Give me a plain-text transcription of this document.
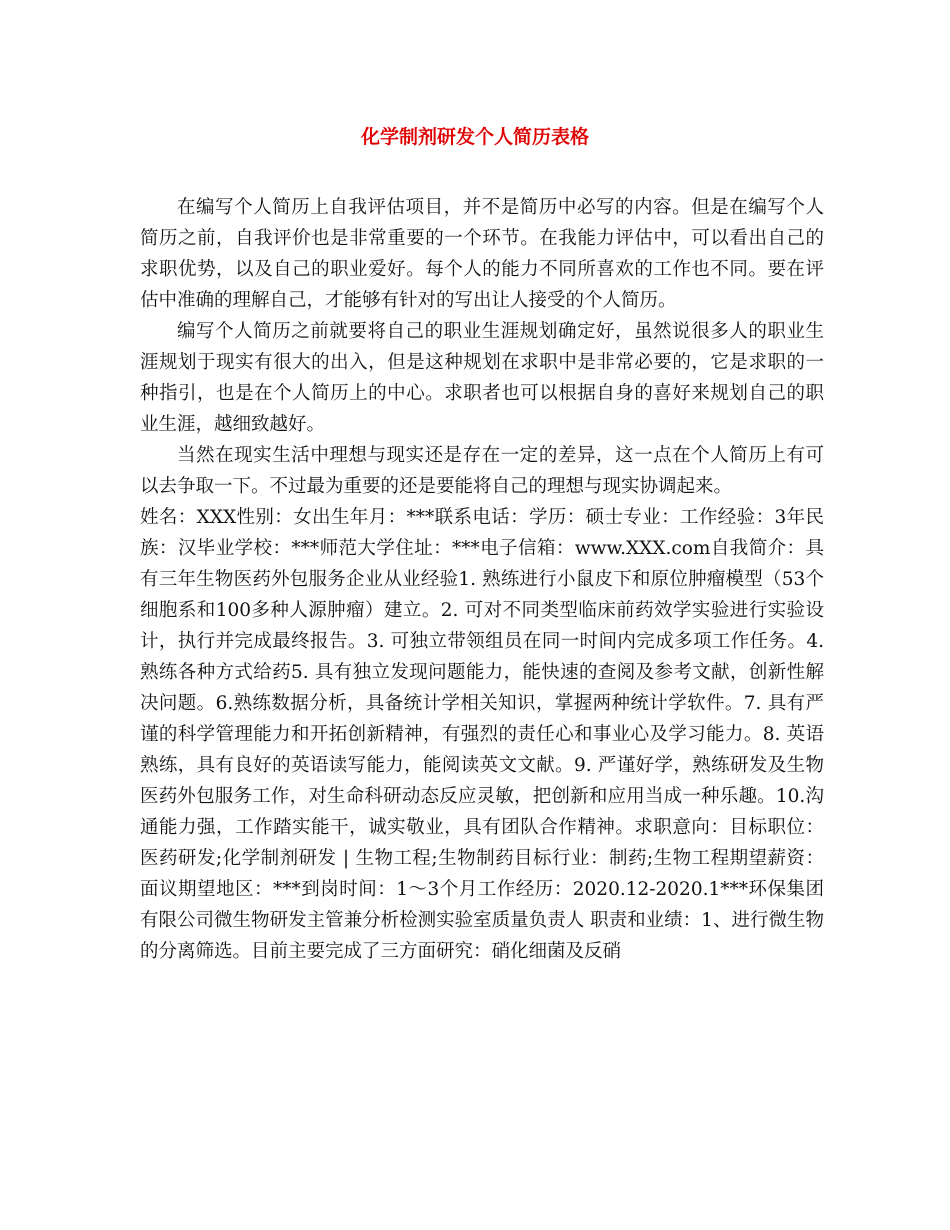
化学制剂研发个人简历表格

在编写个人简历上自我评估项目，并不是简历中必写的内容。但是在编写个人简历之前，自我评价也是非常重要的一个环节。在我能力评估中，可以看出自己的求职优势，以及自己的职业爱好。每个人的能力不同所喜欢的工作也不同。要在评估中准确的理解自己，才能够有针对的写出让人接受的个人简历。

编写个人简历之前就要将自己的职业生涯规划确定好，虽然说很多人的职业生涯规划于现实有很大的出入，但是这种规划在求职中是非常必要的，它是求职的一种指引，也是在个人简历上的中心。求职者也可以根据自身的喜好来规划自己的职业生涯，越细致越好。

当然在现实生活中理想与现实还是存在一定的差异，这一点在个人简历上有可以去争取一下。不过最为重要的还是要能将自己的理想与现实协调起来。

姓名：XXX性别：女出生年月：***联系电话：学历：硕士专业：工作经验：3年民族：汉毕业学校：***师范大学住址：***电子信箱：www.XXX.com自我简介：具有三年生物医药外包服务企业从业经验1. 熟练进行小鼠皮下和原位肿瘤模型（53个细胞系和100多种人源肿瘤）建立。2. 可对不同类型临床前药效学实验进行实验设计，执行并完成最终报告。3. 可独立带领组员在同一时间内完成多项工作任务。4.熟练各种方式给药5. 具有独立发现问题能力，能快速的查阅及参考文献，创新性解决问题。6.熟练数据分析，具备统计学相关知识，掌握两种统计学软件。7. 具有严谨的科学管理能力和开拓创新精神，有强烈的责任心和事业心及学习能力。8. 英语熟练，具有良好的英语读写能力，能阅读英文文献。9. 严谨好学，熟练研发及生物医药外包服务工作，对生命科研动态反应灵敏，把创新和应用当成一种乐趣。10.沟通能力强，工作踏实能干，诚实敬业，具有团队合作精神。求职意向：目标职位：医药研发;化学制剂研发 | 生物工程;生物制药目标行业：制药;生物工程期望薪资：面议期望地区：***到岗时间：1～3个月工作经历：2020.12-2020.1***环保集团有限公司微生物研发主管兼分析检测实验室质量负责人 职责和业绩：1、进行微生物的分离筛选。目前主要完成了三方面研究：硝化细菌及反硝
